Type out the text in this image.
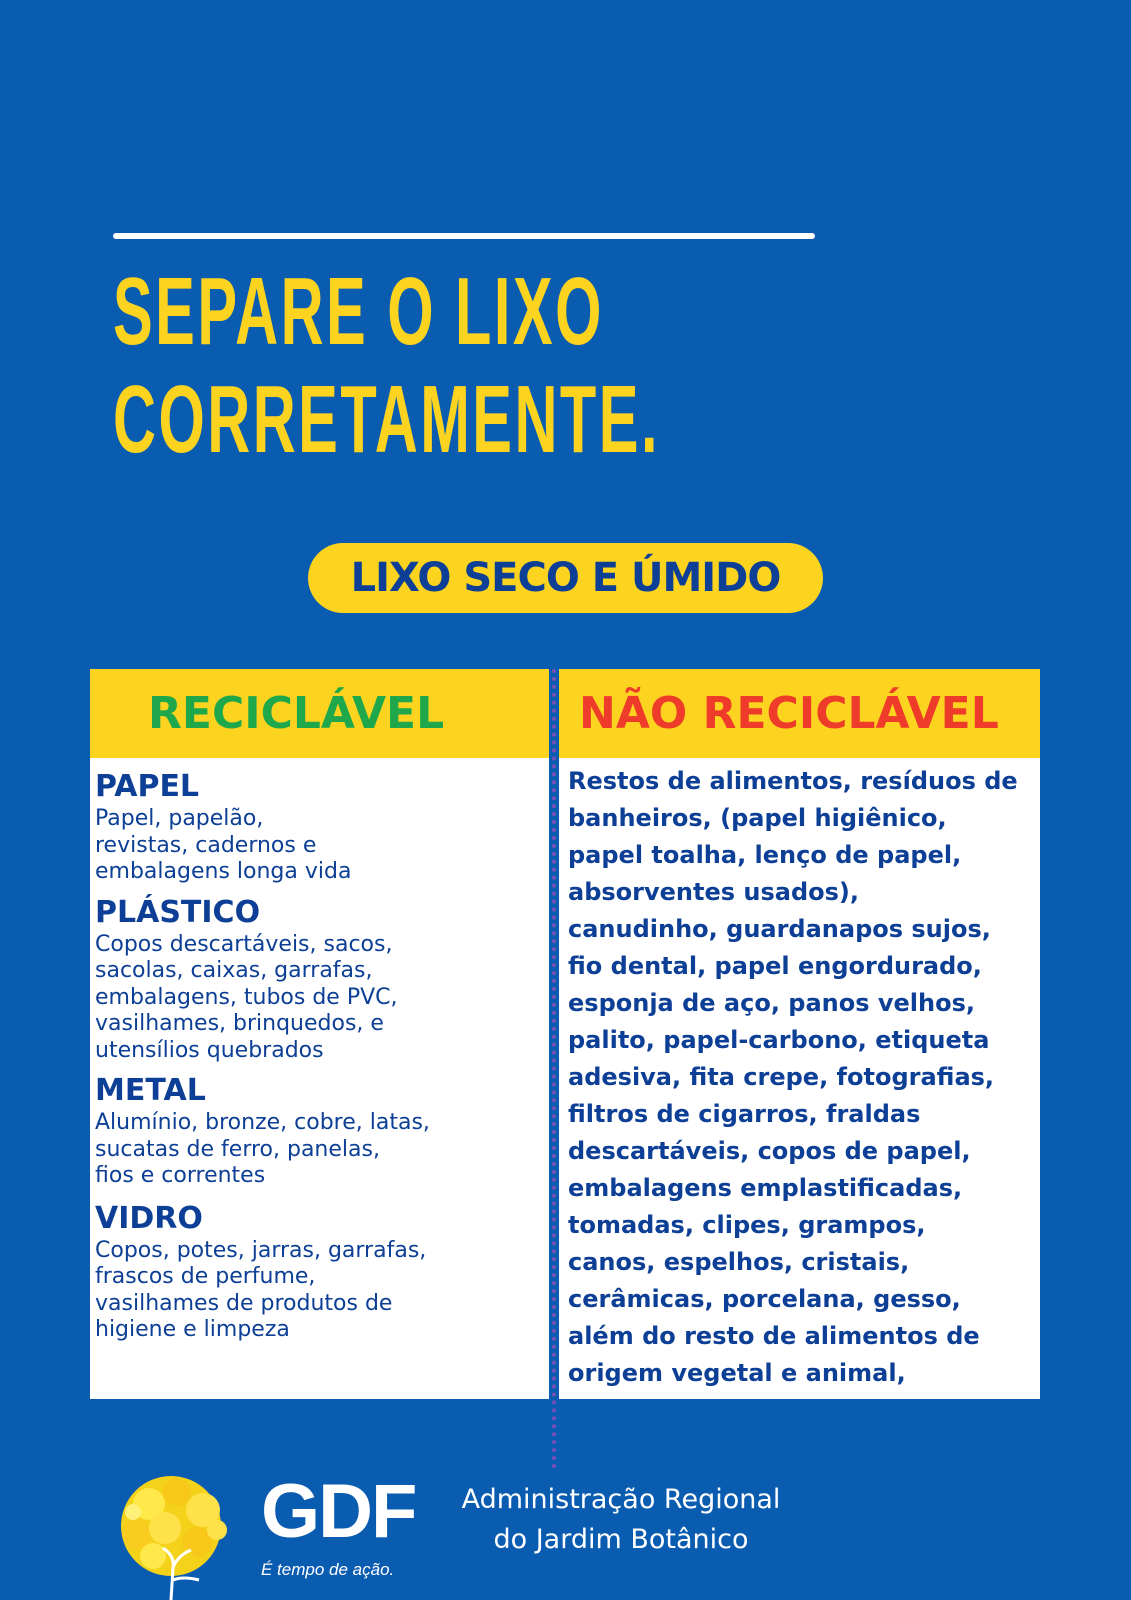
SEPARE O LIXO
CORRETAMENTE.
LIXO SECO E ÚMIDO
RECICLÁVEL
PAPEL

Papel, papelão,
revistas, cadernos e
embalagens longa vida

PLÁSTICO

Copos descartáveis, sacos,
sacolas, caixas, garrafas,
embalagens, tubos de PVC,
vasilhames, brinquedos, e
utensílios quebrados

METAL

Alumínio, bronze, cobre, latas,
sucatas de ferro, panelas,
fios e correntes

VIDRO

Copos, potes, jarras, garrafas,
frascos de perfume,
vasilhames de produtos de
higiene e limpeza

NÃO RECICLÁVEL

Restos de alimentos, resíduos de
banheiros, (papel higiênico,
papel toalha, lenço de papel,
absorventes usados),
canudinho, guardanapos sujos,
fio dental, papel engordurado,
esponja de aço, panos velhos,
palito, papel-carbono, etiqueta
adesiva, fita crepe, fotografias,
filtros de cigarros, fraldas
descartáveis, copos de papel,
embalagens emplastificadas,
tomadas, clipes, grampos,
canos, espelhos, cristais,
cerâmicas, porcelana, gesso,
além do resto de alimentos de
origem vegetal e animal,

GDF
É tempo de ação.
Administração Regional
do Jardim Botânico
